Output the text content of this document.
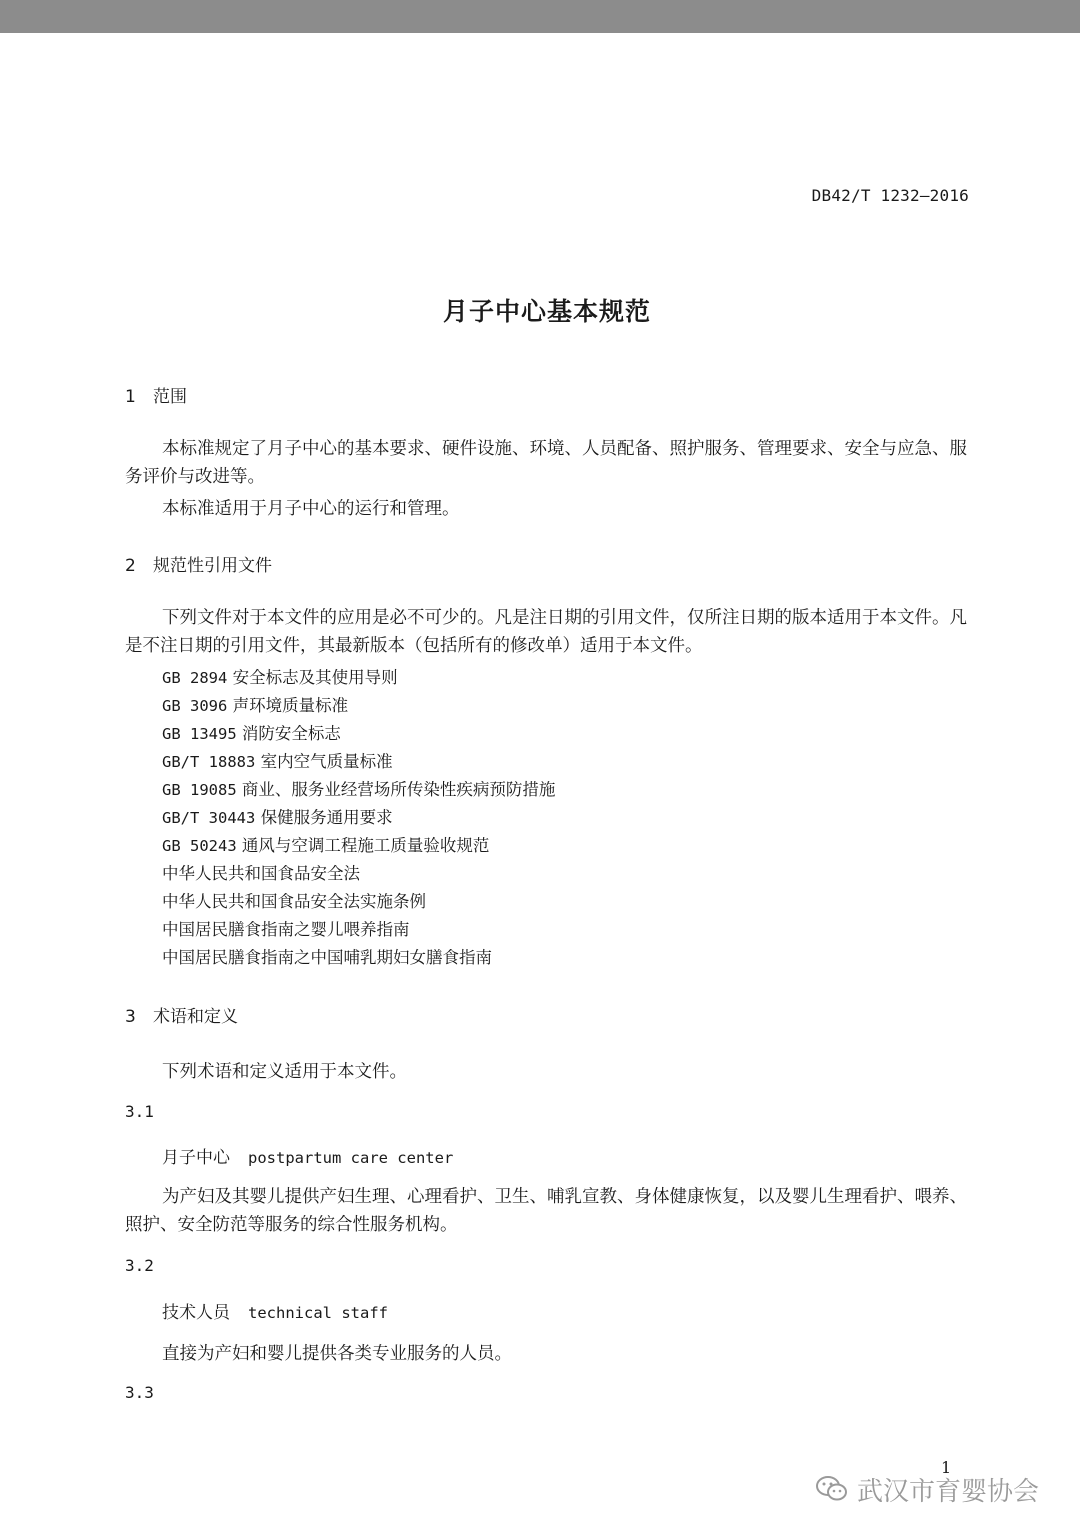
DB42/T 1232—2016
月子中心基本规范
1 范围
本标准规定了月子中心的基本要求、硬件设施、环境、人员配备、照护服务、管理要求、安全与应急、服务评价与改进等。
本标准适用于月子中心的运行和管理。
2 规范性引用文件
下列文件对于本文件的应用是必不可少的。凡是注日期的引用文件，仅所注日期的版本适用于本文件。凡是不注日期的引用文件，其最新版本（包括所有的修改单）适用于本文件。
GB 2894 安全标志及其使用导则
GB 3096 声环境质量标准
GB 13495 消防安全标志
GB/T 18883 室内空气质量标准
GB 19085 商业、服务业经营场所传染性疾病预防措施
GB/T 30443 保健服务通用要求
GB 50243 通风与空调工程施工质量验收规范
中华人民共和国食品安全法
中华人民共和国食品安全法实施条例
中国居民膳食指南之婴儿喂养指南
中国居民膳食指南之中国哺乳期妇女膳食指南
3 术语和定义
下列术语和定义适用于本文件。
3.1
月子中心 postpartum care center
为产妇及其婴儿提供产妇生理、心理看护、卫生、哺乳宣教、身体健康恢复，以及婴儿生理看护、喂养、照护、安全防范等服务的综合性服务机构。
3.2
技术人员 technical staff
直接为产妇和婴儿提供各类专业服务的人员。
3.3
1
武汉市育婴协会
